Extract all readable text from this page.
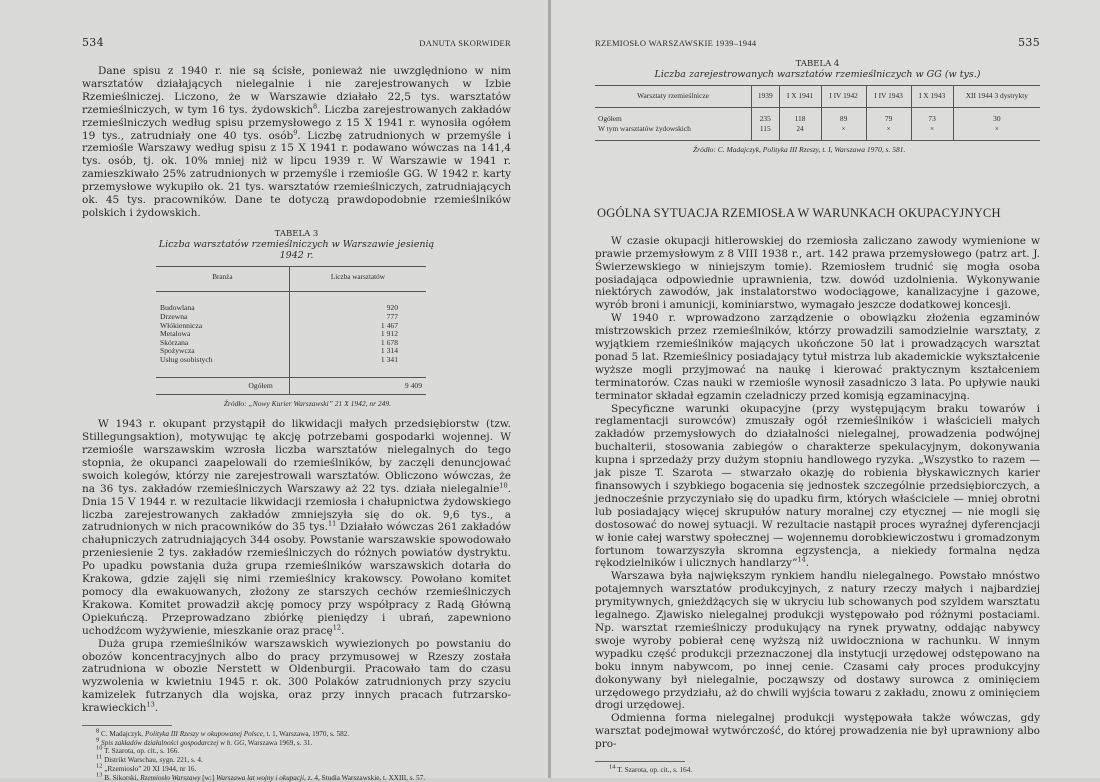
534	DANUTA SKORWIDER

Dane spisu z 1940 r. nie są ścisłe, ponieważ nie uwzględniono w nim warsztatów działających nielegalnie i nie zarejestrowanych w Izbie Rzemieślniczej. Liczono, że w Warszawie działało 22,5 tys. warsztatów rzemieślniczych, w tym 16 tys. żydowskich$^8$. Liczba zarejestrowanych zakładów rzemieślniczych według spisu przemysłowego z 15 X 1941 r. wynosiła ogółem 19 tys., zatrudniały one 40 tys. osób$^9$. Liczbę zatrudnionych w przemyśle i rzemiośle Warszawy według spisu z 15 X 1941 r. podawano wówczas na 141,4 tys. osób, tj. ok. 10% mniej niż w lipcu 1939 r. W Warszawie w 1941 r. zamieszkiwało 25% zatrudnionych w przemyśle i rzemiośle GG. W 1942 r. karty przemysłowe wykupiło ok. 21 tys. warsztatów rzemieślniczych, zatrudniających ok. 45 tys. pracowników. Dane te dotyczą prawdopodobnie rzemieślników polskich i żydowskich.

TABELA 3
Liczba warsztatów rzemieślniczych w Warszawie jesienią
1942 r.
Branża	Liczba warsztatów

Budowlana	920
Drzewna	777
Włókiennicza	1 467
Metalowa	1 912
Skórzana	1 678
Spożywcza	1 314
Usług osobistych	1 341

Ogółem	9 409
Źródło: „Nowy Kurier Warszawski” 21 X 1942, nr 249.

W 1943 r. okupant przystąpił do likwidacji małych przedsiębiorstw (tzw. Stillegungsaktion), motywując tę akcję potrzebami gospodarki wojennej. W rzemiośle warszawskim wzrosła liczba warsztatów nielegalnych do tego stopnia, że okupanci zaapelowali do rzemieślników, by zaczęli denuncjować swoich kolegów, którzy nie zarejestrowali warsztatów. Obliczono wówczas, że na 36 tys. zakładów rzemieślniczych Warszawy aż 22 tys. działa nielegalnie$^{10}$. Dnia 15 V 1944 r. w rezultacie likwidacji rzemiosła i chałupnictwa żydowskiego liczba zarejestrowanych zakładów zmniejszyła się do ok. 9,6 tys., a zatrudnionych w nich pracowników do 35 tys.$^{11}$ Działało wówczas 261 zakładów chałupniczych zatrudniających 344 osoby. Powstanie warszawskie spowodowało przeniesienie 2 tys. zakładów rzemieślniczych do różnych powiatów dystryktu. Po upadku powstania duża grupa rzemieślników warszawskich dotarła do Krakowa, gdzie zajęli się nimi rzemieślnicy krakowscy. Powołano komitet pomocy dla ewakuowanych, złożony ze starszych cechów rzemieślniczych Krakowa. Komitet prowadził akcję pomocy przy współpracy z Radą Główną Opiekuńczą. Przeprowadzano zbiórkę pieniędzy i ubrań, zapewniono uchodźcom wyżywienie, mieszkanie oraz pracę$^{12}$.

Duża grupa rzemieślników warszawskich wywiezionych po powstaniu do obozów koncentracyjnych albo do pracy przymusowej w Rzeszy została zatrudniona w obozie Nerstett w Oldenburgii. Pracowało tam do czasu wyzwolenia w kwietniu 1945 r. ok. 300 Polaków zatrudnionych przy szyciu kamizelek futrzanych dla wojska, oraz przy innych pracach futrzarsko-krawieckich$^{13}$.

8 C. Madajczyk, Polityka III Rzeszy w okupowanej Polsce, t. 1, Warszawa, 1970, s. 582.
9 Spis zakładów działalności gospodarczej w b. GG, Warszawa 1969, s. 31.
10 T. Szarota, op. cit., s. 166.
11 Distrikt Warschau, sygn. 221, s. 4.
12 „Rzemiosło” 20 XI 1944, nr 16.
13 B. Sikorski, Rzemiosło Warszawy [w:] Warszawa lat wojny i okupacji, z. 4, Studia Warszawskie, t. XXIII, s. 57.
RZEMIOSŁO WARSZAWSKIE 1939–1944	535
TABELA 4
Liczba zarejestrowanych warsztatów rzemieślniczych w GG (w tys.)
Warsztaty rzemieślnicze	1939	I X 1941	I IV 1942	I IV 1943	I X 1943	XII 1944 3 dystrykty
Ogółem	235	118	89	79	73	30
W tym warsztatów żydowskich	115	24	×	×	×	×
Źródło: C. Madajczyk, Polityka III Rzeszy, t. I, Warszawa 1970, s. 581.
OGÓLNA SYTUACJA RZEMIOSŁA W WARUNKACH OKUPACYJNYCH

W czasie okupacji hitlerowskiej do rzemiosła zaliczano zawody wymienione w prawie przemysłowym z 8 VIII 1938 r., art. 142 prawa przemysłowego (patrz art. J. Świerzewskiego w niniejszym tomie). Rzemiosłem trudnić się mogła osoba posiadająca odpowiednie uprawnienia, tzw. dowód uzdolnienia. Wykonywanie niektórych zawodów, jak instalatorstwo wodociągowe, kanalizacyjne i gazowe, wyrób broni i amunicji, kominiarstwo, wymagało jeszcze dodatkowej koncesji.

W 1940 r. wprowadzono zarządzenie o obowiązku złożenia egzaminów mistrzowskich przez rzemieślników, którzy prowadzili samodzielnie warsztaty, z wyjątkiem rzemieślników mających ukończone 50 lat i prowadzących warsztat ponad 5 lat. Rzemieślnicy posiadający tytuł mistrza lub akademickie wykształcenie wyższe mogli przyjmować na naukę i kierować praktycznym kształceniem terminatorów. Czas nauki w rzemiośle wynosił zasadniczo 3 lata. Po upływie nauki terminator składał egzamin czeladniczy przed komisją egzaminacyjną.

Specyficzne warunki okupacyjne (przy występującym braku towarów i reglamentacji surowców) zmuszały ogół rzemieślników i właścicieli małych zakładów przemysłowych do działalności nielegalnej, prowadzenia podwójnej buchalterii, stosowania zabiegów o charakterze spekulacyjnym, dokonywania kupna i sprzedaży przy dużym stopniu handlowego ryzyka. „Wszystko to razem — jak pisze T. Szarota — stwarzało okazję do robienia błyskawicznych karier finansowych i szybkiego bogacenia się jednostek szczególnie przedsiębiorczych, a jednocześnie przyczyniało się do upadku firm, których właściciele — mniej obrotni lub posiadający więcej skrupułów natury moralnej czy etycznej — nie mogli się dostosować do nowej sytuacji. W rezultacie nastąpił proces wyraźnej dyferencjacji w łonie całej warstwy społecznej — wojennemu dorobkiewiczostwu i gromadzonym fortunom towarzyszyła skromna egzystencja, a niekiedy formalna nędza rękodzielników i ulicznych handlarzy”$^{14}$.

Warszawa była największym rynkiem handlu nielegalnego. Powstało mnóstwo potajemnych warsztatów produkcyjnych, z natury rzeczy małych i najbardziej prymitywnych, gnieżdżących się w ukryciu lub schowanych pod szyldem warsztatu legalnego. Zjawisko nielegalnej produkcji występowało pod różnymi postaciami. Np. warsztat rzemieślniczy produkujący na rynek prywatny, oddając nabywcy swoje wyroby pobierał cenę wyższą niż uwidoczniona w rachunku. W innym wypadku część produkcji przeznaczonej dla instytucji urzędowej odstępowano na boku innym nabywcom, po innej cenie. Czasami cały proces produkcyjny dokonywany był nielegalnie, począwszy od dostawy surowca z ominięciem urzędowego przydziału, aż do chwili wyjścia towaru z zakładu, znowu z ominięciem drogi urzędowej.

Odmienna forma nielegalnej produkcji występowała także wówczas, gdy warsztat podejmował wytwórczość, do której prowadzenia nie był uprawniony albo pro-

14 T. Szarota, op. cit., s. 164.
